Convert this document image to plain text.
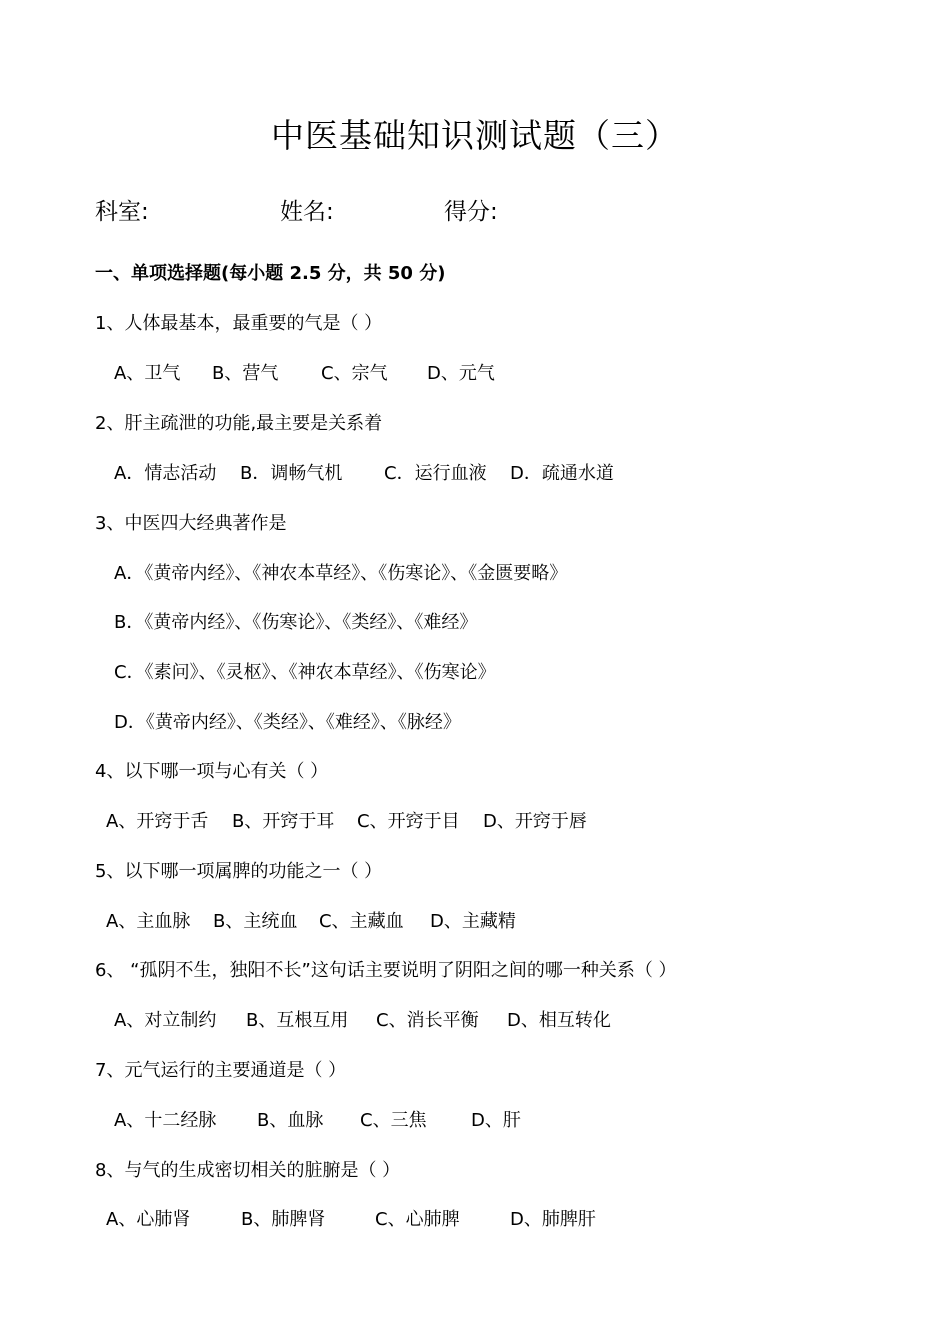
中医基础知识测试题（三）
科室:	姓名:	得分:
一、单项选择题(每小题 2.5 分，共 50 分)
1、人体最基本，最重要的气是（ ）
A、卫气 B、营气 C、宗气 D、元气
2、肝主疏泄的功能,最主要是关系着
A．情志活动 B．调畅气机 C．运行血液 D．疏通水道
3、中医四大经典著作是
A．《黄帝内经》、《神农本草经》、《伤寒论》、《金匮要略》
B．《黄帝内经》、《伤寒论》、《类经》、《难经》
C．《素问》、《灵枢》、《神农本草经》、《伤寒论》
D．《黄帝内经》、《类经》、《难经》、《脉经》
4、以下哪一项与心有关（ ）
A、开窍于舌 B、开窍于耳 C、开窍于目 D、开窍于唇
5、以下哪一项属脾的功能之一（ ）
A、主血脉 B、主统血 C、主藏血 D、主藏精
6、 “孤阴不生，独阳不长”这句话主要说明了阴阳之间的哪一种关系（ ）
A、对立制约 B、互根互用 C、消长平衡 D、相互转化
7、元气运行的主要通道是（ ）
A、十二经脉 B、血脉 C、三焦 D、肝
8、与气的生成密切相关的脏腑是（ ）
A、心肺肾	B、肺脾肾	C、心肺脾	D、肺脾肝
